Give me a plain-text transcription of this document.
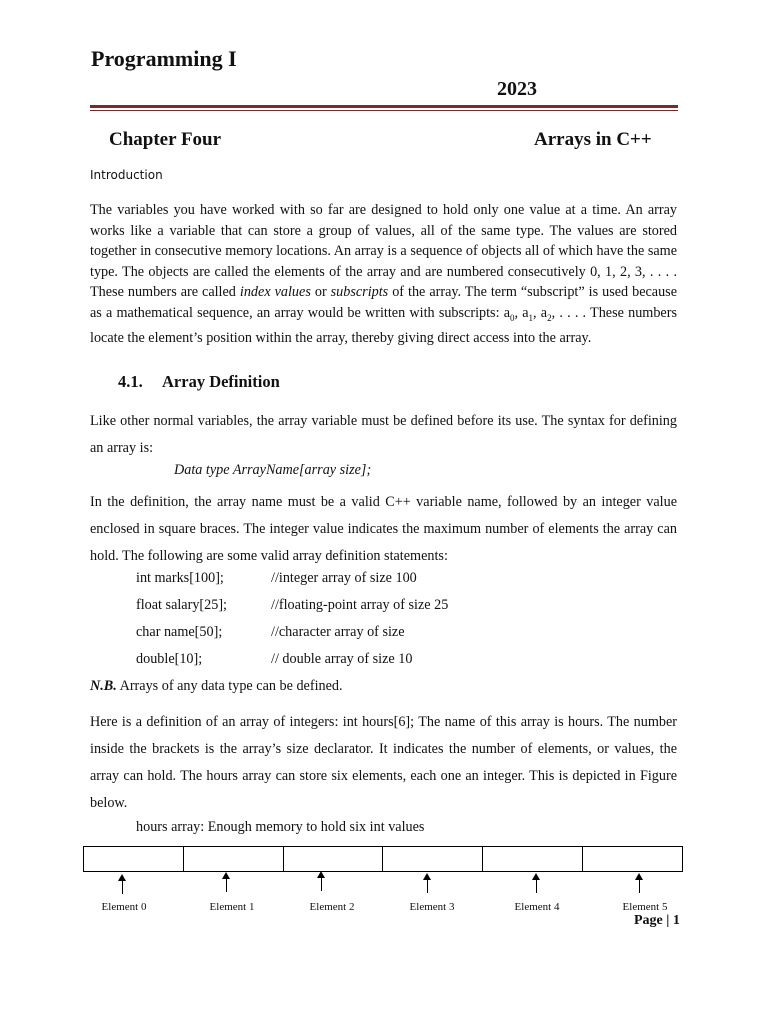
Programming I
2023
Chapter Four	Arrays in C++
Introduction
The variables you have worked with so far are designed to hold only one value at a time. An array works like a variable that can store a group of values, all of the same type. The values are stored together in consecutive memory locations. An array is a sequence of objects all of which have the same type. The objects are called the elements of the array and are numbered consecutively 0, 1, 2, 3, . . . . These numbers are called index values or subscripts of the array. The term “subscript” is used because as a mathematical sequence, an array would be written with subscripts: $a_0$, $a_1$, $a_2$, . . . . These numbers locate the element’s position within the array, thereby giving direct access into the array.
4.1. Array Definition
Like other normal variables, the array variable must be defined before its use. The syntax for defining an array is:
Data type ArrayName[array size];
In the definition, the array name must be a valid C++ variable name, followed by an integer value enclosed in square braces. The integer value indicates the maximum number of elements the array can hold. The following are some valid array definition statements:
int marks[100];	//integer array of size 100
float salary[25];	//floating-point array of size 25
char name[50];	//character array of size
double[10];	// double array of size 10
N.B. Arrays of any data type can be defined.
Here is a definition of an array of integers: int hours[6]; The name of this array is hours. The number inside the brackets is the array’s size declarator. It indicates the number of elements, or values, the array can hold. The hours array can store six elements, each one an integer. This is depicted in Figure below.
hours array: Enough memory to hold six int values
Element 0	Element 1	Element 2	Element 3	Element 4	Element 5
Page | 1
